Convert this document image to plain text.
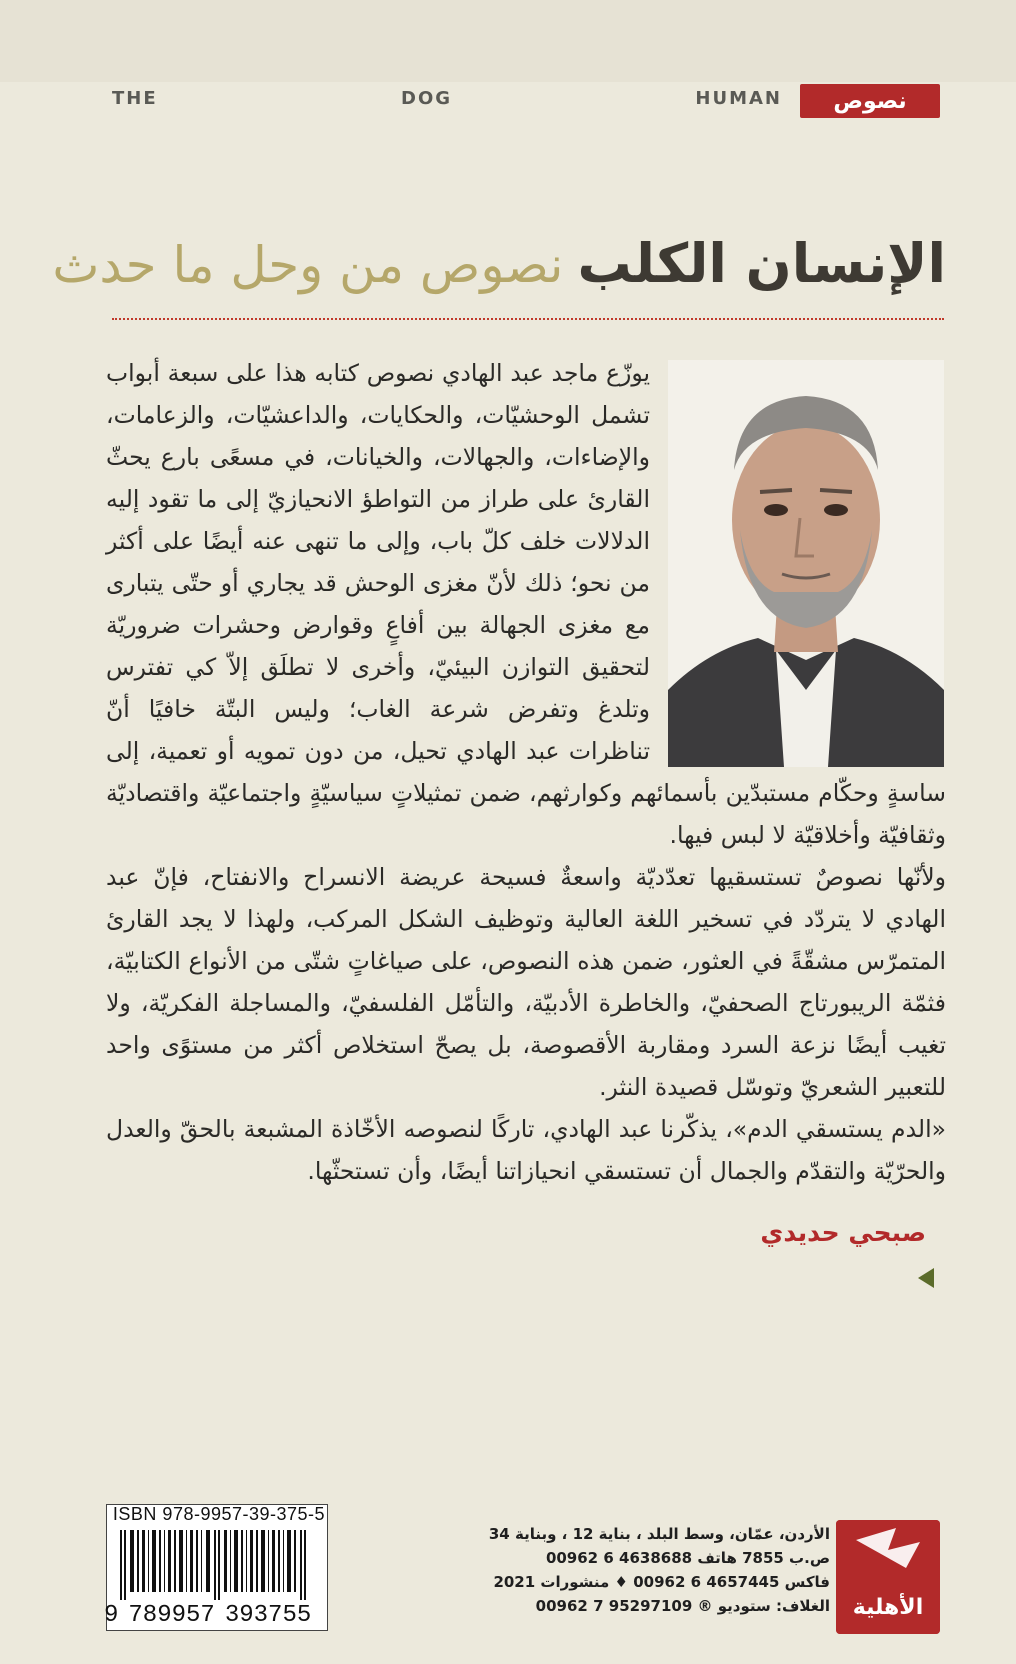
THE	DOG	HUMAN	نصوص
الإنسان الكلب
نصوص من وحل ما حدث

يوزّع ماجد عبد الهادي نصوص كتابه هذا على سبعة أبواب تشمل الوحشيّات، والحكايات، والداعشيّات، والزعامات، والإضاءات، والجهالات، والخيانات، في مسعًى بارع يحثّ القارئ على طراز من التواطؤ الانحيازيّ إلى ما تقود إليه الدلالات خلف كلّ باب، وإلى ما تنهى عنه أيضًا على أكثر من نحو؛ ذلك لأنّ مغزى الوحش قد يجاري أو حتّى يتبارى مع مغزى الجهالة بين أفاعٍ وقوارض وحشرات ضروريّة لتحقيق التوازن البيئيّ، وأخرى لا تطلَق إلاّ كي تفترس وتلدغ وتفرض شرعة الغاب؛ وليس البتّة خافيًا أنّ تناظرات عبد الهادي تحيل، من دون تمويه أو تعمية، إلى ساسةٍ وحكّام مستبدّين بأسمائهم وكوارثهم، ضمن تمثيلاتٍ سياسيّةٍ واجتماعيّة واقتصاديّة وثقافيّة وأخلاقيّة لا لبس فيها.

ولأنّها نصوصٌ تستسقيها تعدّديّة واسعةٌ فسيحة عريضة الانسراح والانفتاح، فإنّ عبد الهادي لا يتردّد في تسخير اللغة العالية وتوظيف الشكل المركب، ولهذا لا يجد القارئ المتمرّس مشقّةً في العثور، ضمن هذه النصوص، على صياغاتٍ شتّى من الأنواع الكتابيّة، فثمّة الريبورتاج الصحفيّ، والخاطرة الأدبيّة، والتأمّل الفلسفيّ، والمساجلة الفكريّة، ولا تغيب أيضًا نزعة السرد ومقاربة الأقصوصة، بل يصحّ استخلاص أكثر من مستوًى واحد للتعبير الشعريّ وتوسّل قصيدة النثر.

«الدم يستسقي الدم»، يذكّرنا عبد الهادي، تاركًا لنصوصه الأخّاذة المشبعة بالحقّ والعدل والحرّيّة والتقدّم والجمال أن تستسقي انحيازاتنا أيضًا، وأن تستحثّها.

صبحي حديدي
ISBN 978-9957-39-375-5
9 789957 393755
الأردن، عمّان، وسط البلد ، بناية 12 ، وبناية 34
ص.ب 7855 هاتف 4638688 6 00962
فاكس 4657445 6 00962 ♦ منشورات 2021
الغلاف: ستوديو ® 95297109 7 00962	الأهلية
